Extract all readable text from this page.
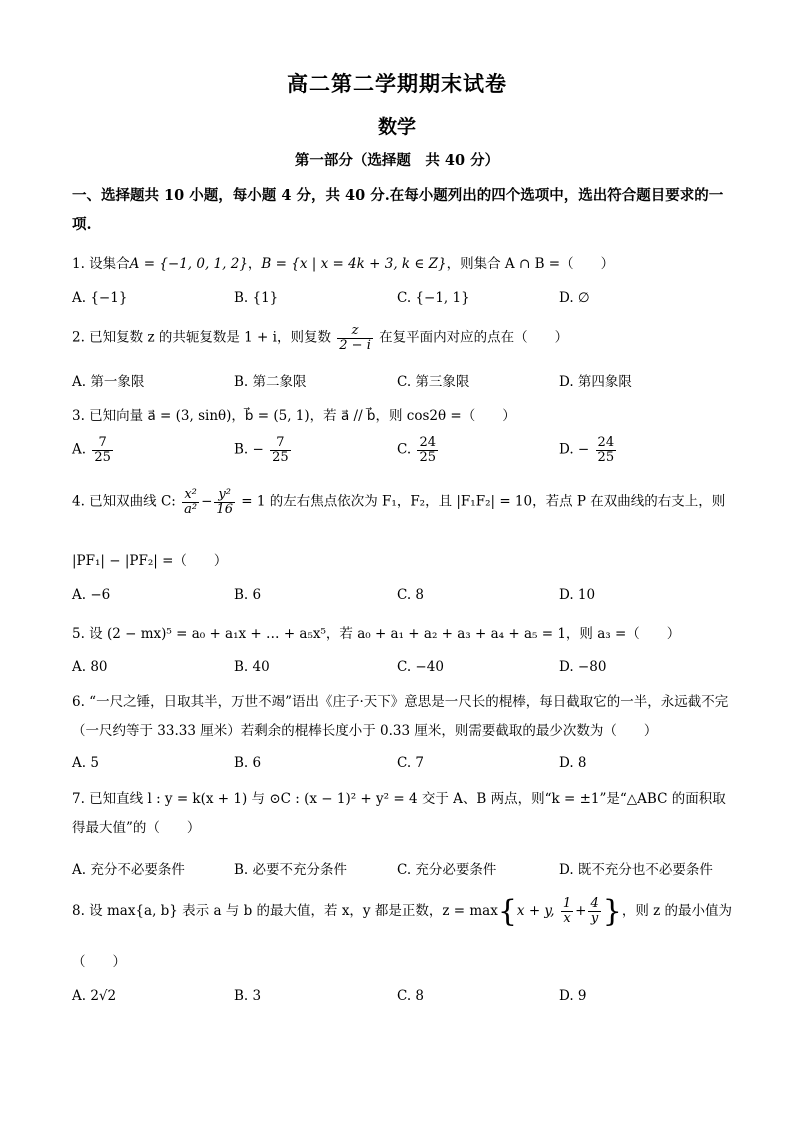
高二第二学期期末试卷
数学
第一部分（选择题　共 40 分）
一、选择题共 10 小题，每小题 4 分，共 40 分.在每小题列出的四个选项中，选出符合题目要求的一项.
1. 设集合A = {−1, 0, 1, 2}，B = {x | x = 4k + 3, k ∈ Z}，则集合 A ∩ B =（　　）
A. {−1}	B. {1}	C. {−1, 1}	D. ∅
2. 已知复数 z 的共轭复数是 1 + i，则复数 $\frac{z}{2 - i}$ 在复平面内对应的点在（　　）
A. 第一象限	B. 第二象限	C. 第三象限	D. 第四象限
3. 已知向量 a⃗ = (3, sinθ)，b⃗ = (5, 1)，若 a⃗ // b⃗，则 cos2θ =（　　）
A. $\frac{7}{25}$	B. − $\frac{7}{25}$	C. $\frac{24}{25}$	D. − $\frac{24}{25}$
4. 已知双曲线 C: $\frac{\text{x²}}{\text{a²}} - \frac{\text{y²}}{16} = 1$ 的左右焦点依次为 F₁，F₂，且 |F₁F₂| = 10，若点 P 在双曲线的右支上，则
|PF₁| − |PF₂| =（　　）
A. −6	B. 6	C. 8	D. 10
5. 设 (2 − mx)⁵ = a₀ + a₁x + … + a₅x⁵，若 a₀ + a₁ + a₂ + a₃ + a₄ + a₅ = 1，则 a₃ =（　　）
A. 80	B. 40	C. −40	D. −80
6. “一尺之锤，日取其半，万世不竭”语出《庄子·天下》意思是一尺长的棍棒，每日截取它的一半，永远截不完（一尺约等于 33.33 厘米）若剩余的棍棒长度小于 0.33 厘米，则需要截取的最少次数为（　　）
A. 5	B. 6	C. 7	D. 8
7. 已知直线 l : y = k(x + 1) 与 ⊙C : (x − 1)² + y² = 4 交于 A、B 两点，则“k = ±1”是“△ABC 的面积取得最大值”的（　　）
A. 充分不必要条件	B. 必要不充分条件	C. 充分必要条件	D. 既不充分也不必要条件
8. 设 max{a, b} 表示 a 与 b 的最大值，若 x，y 都是正数，z = max{x + y, $\frac{1}{x} + \frac{4}{y}$ }，则 z 的最小值为
（　　）
A. 2√2	B. 3	C. 8	D. 9
